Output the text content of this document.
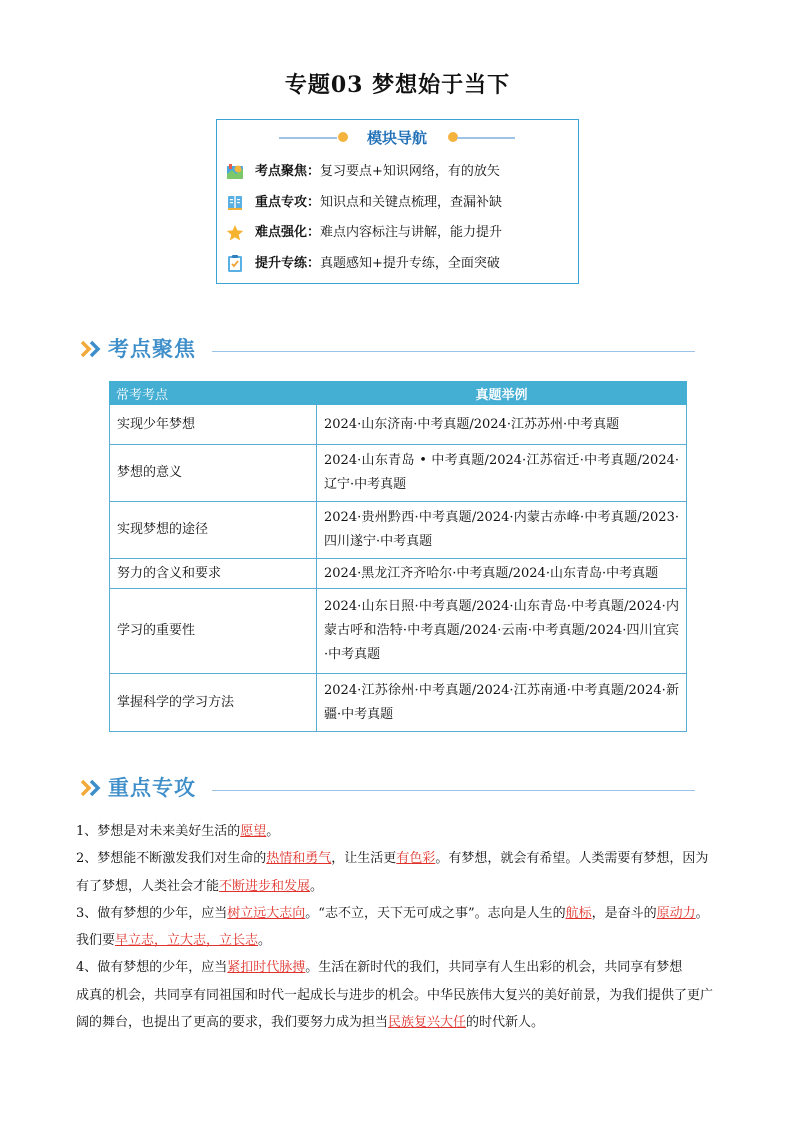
专题03 梦想始于当下
模块导航
考点聚焦： 复习要点+知识网络，有的放矢
重点专攻： 知识点和关键点梳理，查漏补缺
难点强化： 难点内容标注与讲解，能力提升
提升专练： 真题感知+提升专练，全面突破
考点聚焦
常考考点	真题举例
实现少年梦想	2024·山东济南·中考真题/2024·江苏苏州·中考真题
梦想的意义	2024·山东青岛 • 中考真题/2024·江苏宿迁·中考真题/2024·辽宁·中考真题
实现梦想的途径	2024·贵州黔西·中考真题/2024·内蒙古赤峰·中考真题/2023·四川遂宁·中考真题
努力的含义和要求	2024·黑龙江齐齐哈尔·中考真题/2024·山东青岛·中考真题
学习的重要性	2024·山东日照·中考真题/2024·山东青岛·中考真题/2024·内蒙古呼和浩特·中考真题/2024·云南·中考真题/2024·四川宜宾·中考真题
掌握科学的学习方法	2024·江苏徐州·中考真题/2024·江苏南通·中考真题/2024·新疆·中考真题
重点专攻

1、梦想是对未来美好生活的愿望。

2、梦想能不断激发我们对生命的热情和勇气，让生活更有色彩。有梦想，就会有希望。人类需要有梦想，因为有了梦想，人类社会才能不断进步和发展。

3、做有梦想的少年，应当树立远大志向。“志不立，天下无可成之事”。志向是人生的航标，是奋斗的原动力。我们要早立志，立大志，立长志。

4、做有梦想的少年，应当紧扣时代脉搏。生活在新时代的我们，共同享有人生出彩的机会，共同享有梦想

成真的机会，共同享有同祖国和时代一起成长与进步的机会。中华民族伟大复兴的美好前景，为我们提供了更广阔的舞台，也提出了更高的要求，我们要努力成为担当民族复兴大任的时代新人。
